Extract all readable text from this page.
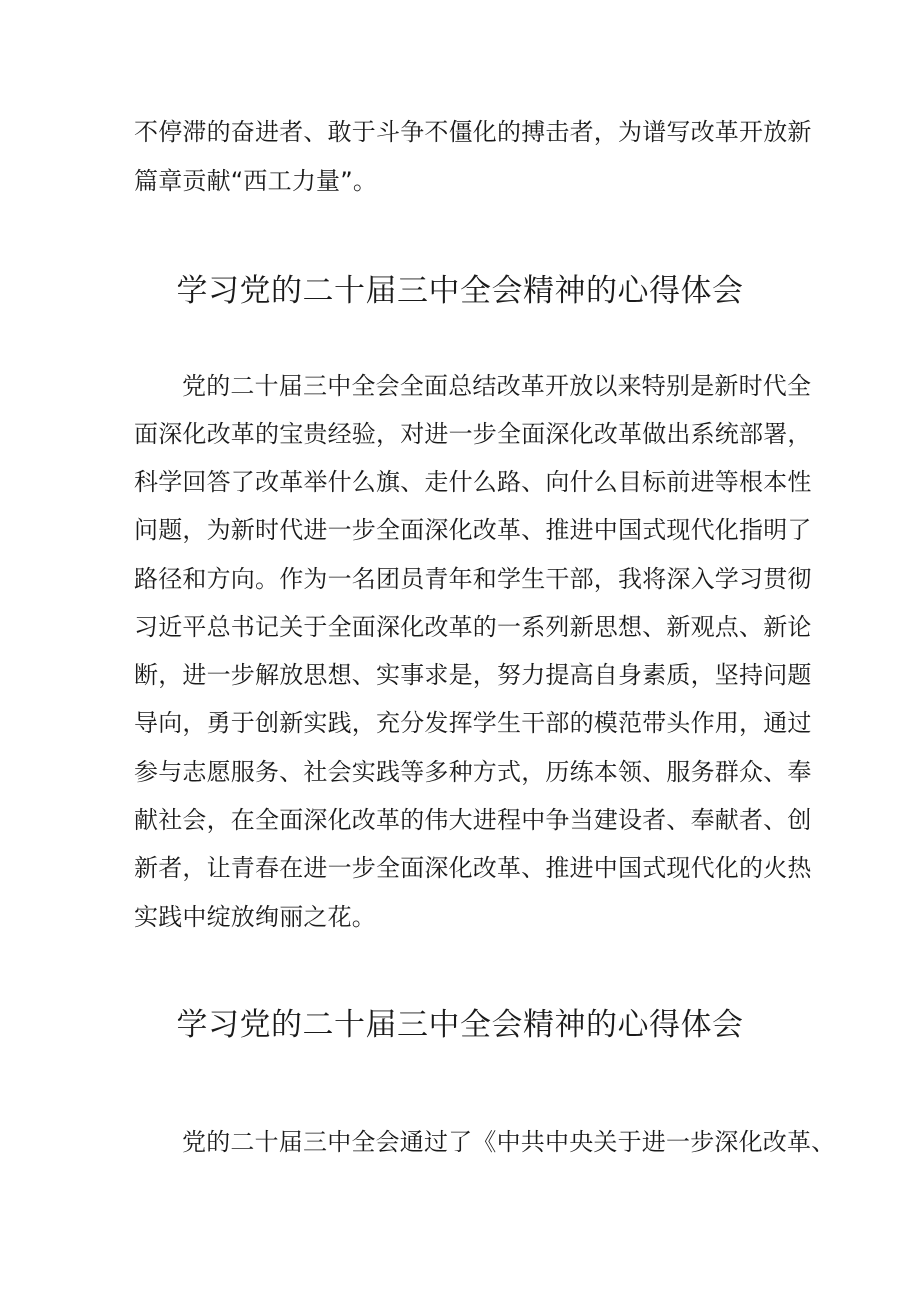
不停滞的奋进者、敢于斗争不僵化的搏击者，为谱写改革开放新
篇章贡献“西工力量”。
学习党的二十届三中全会精神的心得体会
党的二十届三中全会全面总结改革开放以来特别是新时代全
面深化改革的宝贵经验，对进一步全面深化改革做出系统部署，
科学回答了改革举什么旗、走什么路、向什么目标前进等根本性
问题，为新时代进一步全面深化改革、推进中国式现代化指明了
路径和方向。作为一名团员青年和学生干部，我将深入学习贯彻
习近平总书记关于全面深化改革的一系列新思想、新观点、新论
断，进一步解放思想、实事求是，努力提高自身素质，坚持问题
导向，勇于创新实践，充分发挥学生干部的模范带头作用，通过
参与志愿服务、社会实践等多种方式，历练本领、服务群众、奉
献社会，在全面深化改革的伟大进程中争当建设者、奉献者、创
新者，让青春在进一步全面深化改革、推进中国式现代化的火热
实践中绽放绚丽之花。
学习党的二十届三中全会精神的心得体会
党的二十届三中全会通过了《中共中央关于进一步深化改革、
